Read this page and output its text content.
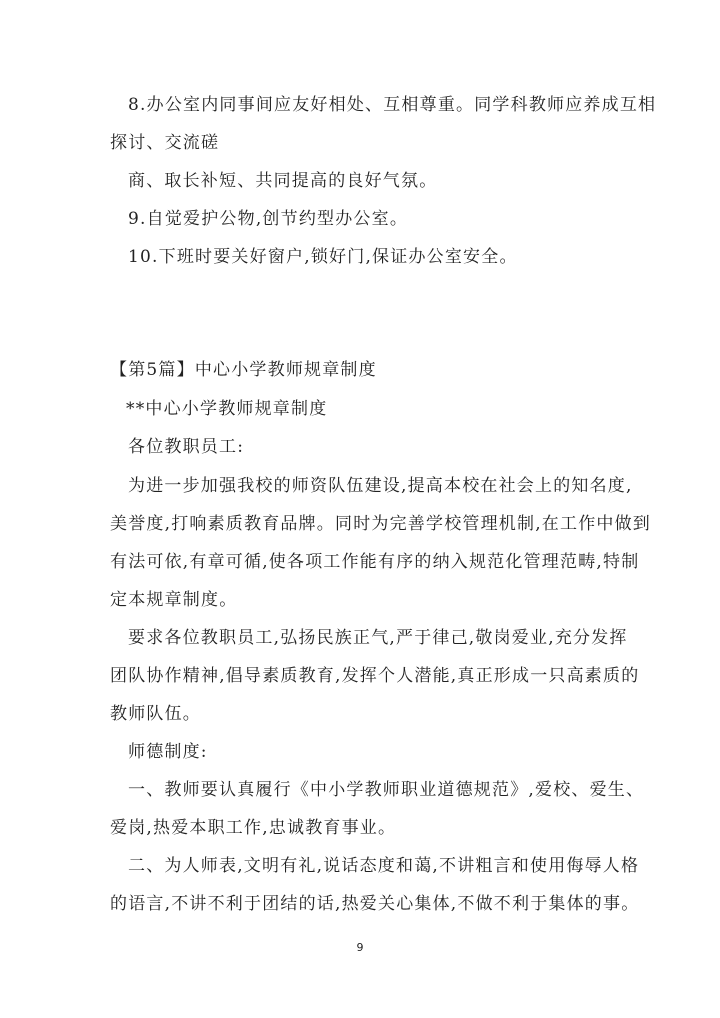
8.办公室内同事间应友好相处、互相尊重。同学科教师应养成互相
探讨、交流磋
商、取长补短、共同提高的良好气氛。
9.自觉爱护公物,创节约型办公室。
10.下班时要关好窗户,锁好门,保证办公室安全。
【第5篇】中心小学教师规章制度
**中心小学教师规章制度
各位教职员工:
为进一步加强我校的师资队伍建设,提高本校在社会上的知名度,
美誉度,打响素质教育品牌。同时为完善学校管理机制,在工作中做到
有法可依,有章可循,使各项工作能有序的纳入规范化管理范畴,特制
定本规章制度。
要求各位教职员工,弘扬民族正气,严于律己,敬岗爱业,充分发挥
团队协作精神,倡导素质教育,发挥个人潜能,真正形成一只高素质的
教师队伍。
师德制度:
一、教师要认真履行《中小学教师职业道德规范》,爱校、爱生、
爱岗,热爱本职工作,忠诚教育事业。
二、为人师表,文明有礼,说话态度和蔼,不讲粗言和使用侮辱人格
的语言,不讲不利于团结的话,热爱关心集体,不做不利于集体的事。
9
